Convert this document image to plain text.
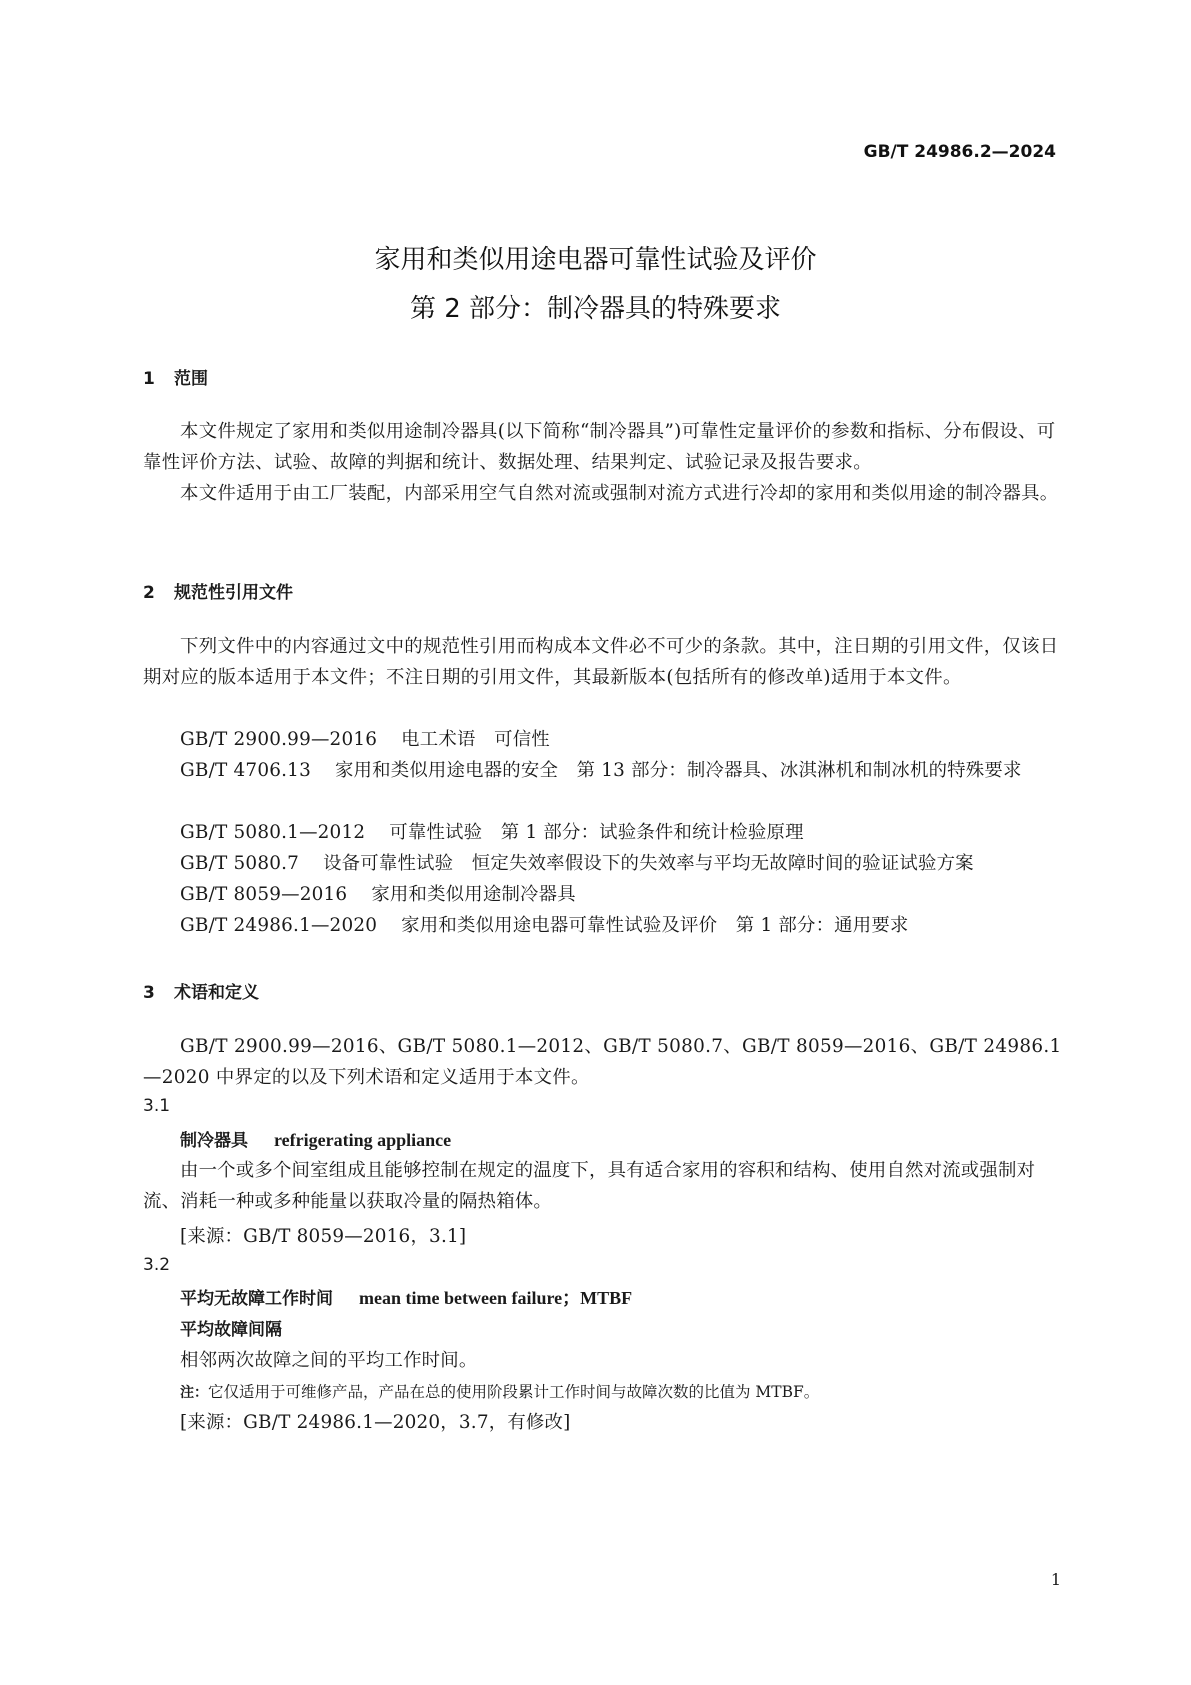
GB/T 24986.2—2024
家用和类似用途电器可靠性试验及评价
第 2 部分：制冷器具的特殊要求
1 范围
本文件规定了家用和类似用途制冷器具(以下简称“制冷器具”)可靠性定量评价的参数和指标、分布假设、可靠性评价方法、试验、故障的判据和统计、数据处理、结果判定、试验记录及报告要求。
本文件适用于由工厂装配，内部采用空气自然对流或强制对流方式进行冷却的家用和类似用途的制冷器具。
2 规范性引用文件
下列文件中的内容通过文中的规范性引用而构成本文件必不可少的条款。其中，注日期的引用文件，仅该日期对应的版本适用于本文件；不注日期的引用文件，其最新版本(包括所有的修改单)适用于本文件。
GB/T 2900.99—2016 电工术语　可信性
GB/T 4706.13 家用和类似用途电器的安全　第 13 部分：制冷器具、冰淇淋机和制冰机的特殊要求
GB/T 5080.1—2012 可靠性试验　第 1 部分：试验条件和统计检验原理
GB/T 5080.7 设备可靠性试验　恒定失效率假设下的失效率与平均无故障时间的验证试验方案
GB/T 8059—2016 家用和类似用途制冷器具
GB/T 24986.1—2020 家用和类似用途电器可靠性试验及评价　第 1 部分：通用要求
3 术语和定义
GB/T 2900.99—2016、GB/T 5080.1—2012、GB/T 5080.7、GB/T 8059—2016、GB/T 24986.1—2020 中界定的以及下列术语和定义适用于本文件。
3.1
制冷器具 refrigerating appliance
由一个或多个间室组成且能够控制在规定的温度下，具有适合家用的容积和结构、使用自然对流或强制对流、消耗一种或多种能量以获取冷量的隔热箱体。
[来源：GB/T 8059—2016，3.1]
3.2
平均无故障工作时间 mean time between failure；MTBF
平均故障间隔
相邻两次故障之间的平均工作时间。
注：它仅适用于可维修产品，产品在总的使用阶段累计工作时间与故障次数的比值为 MTBF。
[来源：GB/T 24986.1—2020，3.7，有修改]
1
